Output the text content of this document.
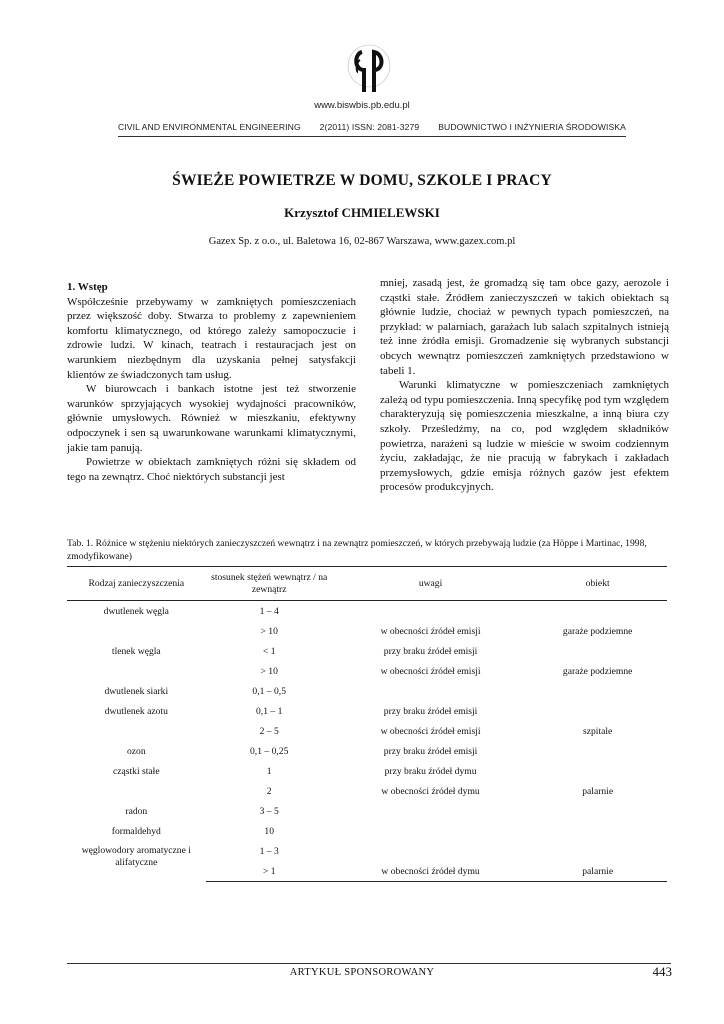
www.biswbis.pb.edu.pl
CIVIL AND ENVIRONMENTAL ENGINEERING 2(2011) ISSN: 2081-3279 BUDOWNICTWO I INŻYNIERIA ŚRODOWISKA
ŚWIEŻE POWIETRZE W DOMU, SZKOLE I PRACY
Krzysztof CHMIELEWSKI
Gazex Sp. z o.o., ul. Baletowa 16, 02-867 Warszawa, www.gazex.com.pl

1. Wstęp

Współcześnie przebywamy w zamkniętych pomieszczeniach przez większość doby. Stwarza to problemy z zapewnieniem komfortu klimatycznego, od którego zależy samopoczucie i zdrowie ludzi. W kinach, teatrach i restauracjach jest on warunkiem niezbędnym dla uzyskania pełnej satysfakcji klientów ze świadczonych tam usług.

W biurowcach i bankach istotne jest też stworzenie warunków sprzyjających wysokiej wydajności pracowników, głównie umysłowych. Również w mieszkaniu, efektywny odpoczynek i sen są uwarunkowane warunkami klimatycznymi, jakie tam panują.

Powietrze w obiektach zamkniętych różni się składem od tego na zewnątrz. Choć niektórych substancji jest

mniej, zasadą jest, że gromadzą się tam obce gazy, aerozole i cząstki stałe. Źródłem zanieczyszczeń w takich obiektach są głównie ludzie, chociaż w pewnych typach pomieszczeń, na przykład: w palarniach, garażach lub salach szpitalnych istnieją też inne źródła emisji. Gromadzenie się wybranych substancji obcych wewnątrz pomieszczeń zamkniętych przedstawiono w tabeli 1.

Warunki klimatyczne w pomieszczeniach zamkniętych zależą od typu pomieszczenia. Inną specyfikę pod tym względem charakteryzują się pomieszczenia mieszkalne, a inną biura czy szkoły. Prześledźmy, na co, pod względem składników powietrza, narażeni są ludzie w mieście w swoim codziennym życiu, zakładając, że nie pracują w fabrykach i zakładach przemysłowych, gdzie emisja różnych gazów jest efektem procesów produkcyjnych.

Tab. 1. Różnice w stężeniu niektórych zanieczyszczeń wewnątrz i na zewnątrz pomieszczeń, w których przebywają ludzie (za Höppe i Martinac, 1998, zmodyfikowane)
Rodzaj zanieczyszczenia	stosunek stężeń wewnątrz / na zewnątrz	uwagi	obiekt
dwutlenek węgla	1 – 4		
	> 10	w obecności źródeł emisji	garaże podziemne
tlenek węgla	< 1	przy braku źródeł emisji	
	> 10	w obecności źródeł emisji	garaże podziemne
dwutlenek siarki	0,1 – 0,5		
dwutlenek azotu	0,1 – 1	przy braku źródeł emisji	
	2 – 5	w obecności źródeł emisji	szpitale
ozon	0,1 – 0,25	przy braku źródeł emisji	
cząstki stałe	1	przy braku źródeł dymu	
	2	w obecności źródeł dymu	palarnie
radon	3 – 5		
formaldehyd	10		
węglowodory aromatyczne i alifatyczne	1 – 3		
	> 1	w obecności źródeł dymu	palarnie
ARTYKUŁ SPONSOROWANY	443
